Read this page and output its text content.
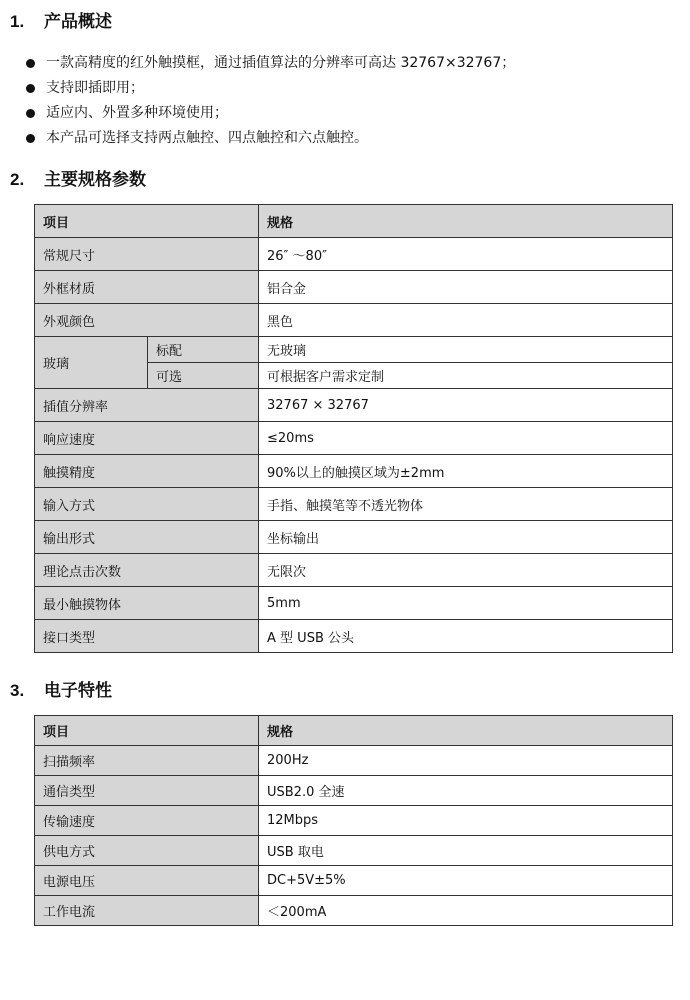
1. 产品概述
一款高精度的红外触摸框，通过插值算法的分辨率可高达 32767×32767；
支持即插即用；
适应内、外置多种环境使用；
本产品可选择支持两点触控、四点触控和六点触控。
2. 主要规格参数
项目		规格
常规尺寸		26″ ～80″
外框材质		铝合金
外观颜色		黑色
玻璃	标配	无玻璃
	可选	可根据客户需求定制
插值分辨率		32767 × 32767
响应速度		≤20ms
触摸精度		90%以上的触摸区域为±2mm
输入方式		手指、触摸笔等不透光物体
输出形式		坐标输出
理论点击次数		无限次
最小触摸物体		5mm
接口类型		A 型 USB 公头
3. 电子特性
项目	规格
扫描频率	200Hz
通信类型	USB2.0 全速
传输速度	12Mbps
供电方式	USB 取电
电源电压	DC+5V±5%
工作电流	＜200mA
